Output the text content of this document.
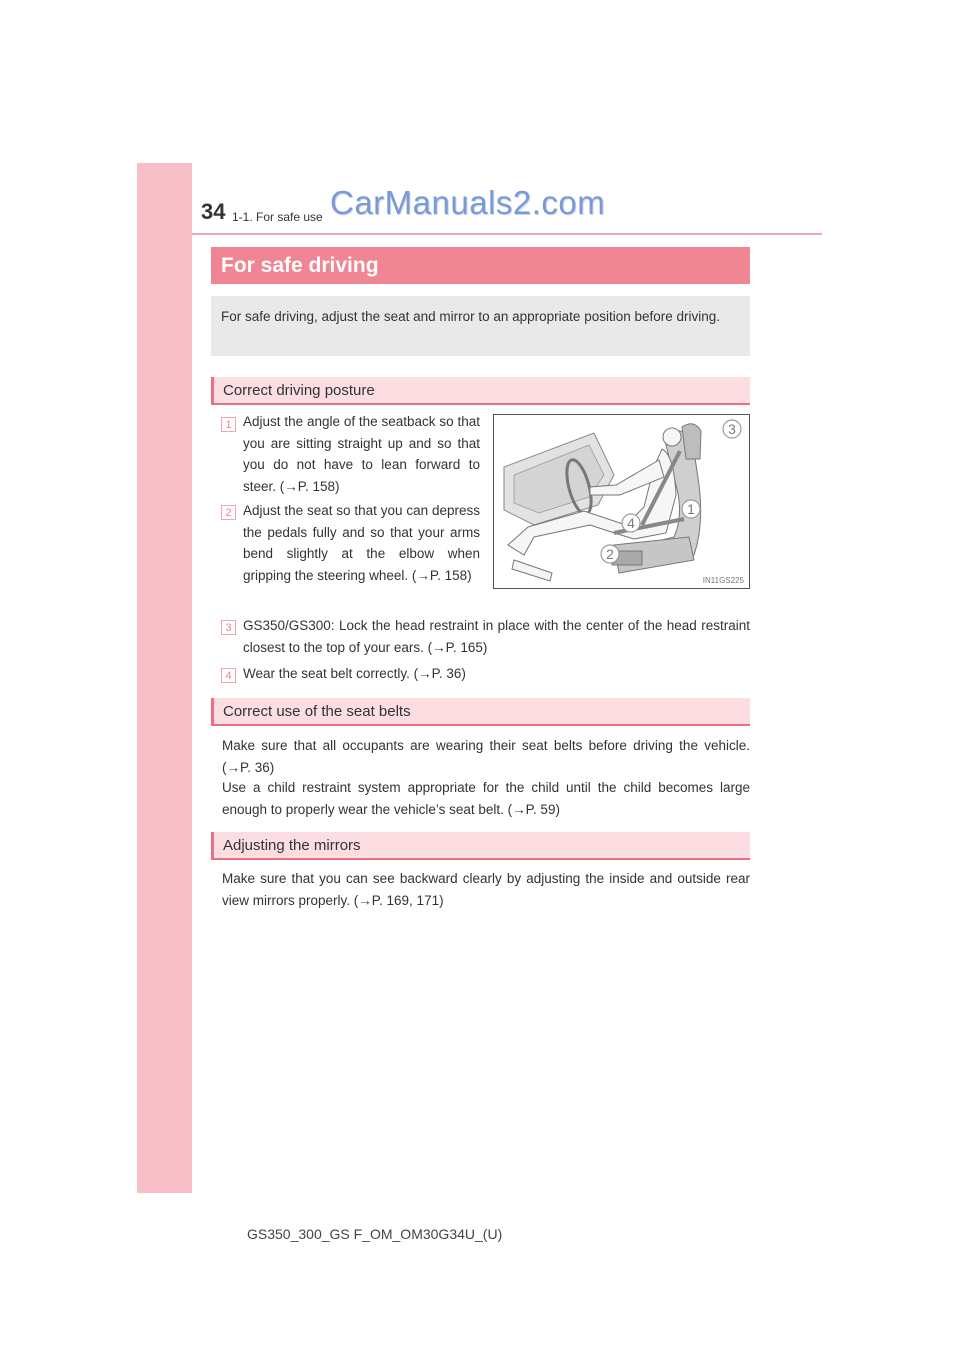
34 1-1. For safe use CarManuals2.com
For safe driving
For safe driving, adjust the seat and mirror to an appropriate position before driving.
Correct driving posture
1 Adjust the angle of the seatback so that you are sitting straight up and so that you do not have to lean forward to steer. (→P. 158)
2 Adjust the seat so that you can depress the pedals fully and so that your arms bend slightly at the elbow when gripping the steering wheel. (→P. 158)
3
1
4
2
IN11GS225
3 GS350/GS300: Lock the head restraint in place with the center of the head restraint closest to the top of your ears. (→P. 165)
4 Wear the seat belt correctly. (→P. 36)
Correct use of the seat belts
Make sure that all occupants are wearing their seat belts before driving the vehicle. (→P. 36)
Use a child restraint system appropriate for the child until the child becomes large enough to properly wear the vehicle’s seat belt. (→P. 59)
Adjusting the mirrors
Make sure that you can see backward clearly by adjusting the inside and outside rear view mirrors properly. (→P. 169, 171)
GS350_300_GS F_OM_OM30G34U_(U)
